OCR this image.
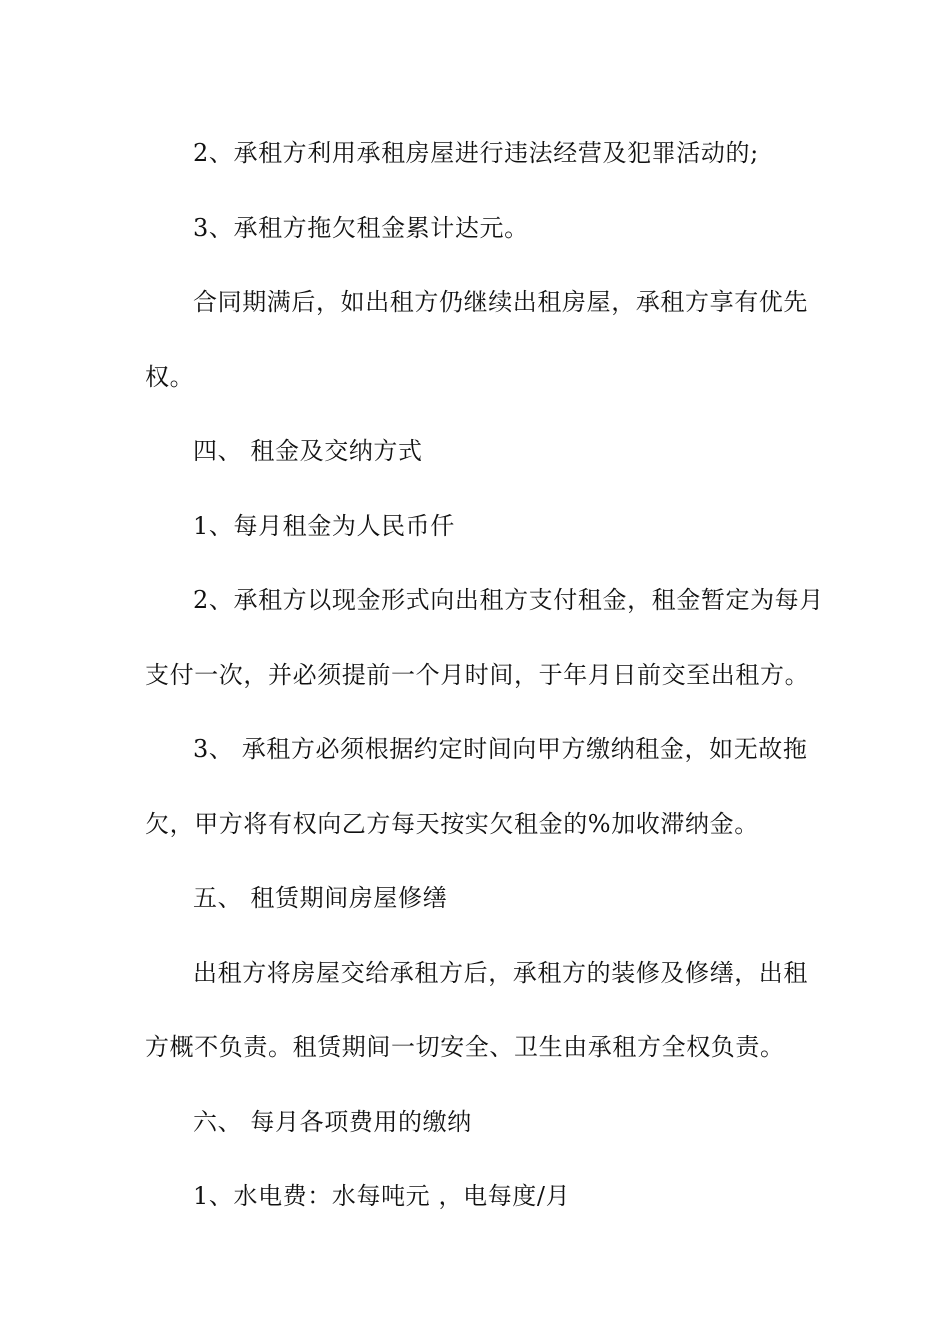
2、承租方利用承租房屋进行违法经营及犯罪活动的;
3、承租方拖欠租金累计达元。
合同期满后，如出租方仍继续出租房屋，承租方享有优先
权。
四、 租金及交纳方式
1、每月租金为人民币仟
2、承租方以现金形式向出租方支付租金，租金暂定为每月
支付一次，并必须提前一个月时间，于年月日前交至出租方。
3、 承租方必须根据约定时间向甲方缴纳租金，如无故拖
欠，甲方将有权向乙方每天按实欠租金的%加收滞纳金。
五、 租赁期间房屋修缮
出租方将房屋交给承租方后，承租方的装修及修缮，出租
方概不负责。租赁期间一切安全、卫生由承租方全权负责。
六、 每月各项费用的缴纳
1、水电费：水每吨元 ，电每度/月
